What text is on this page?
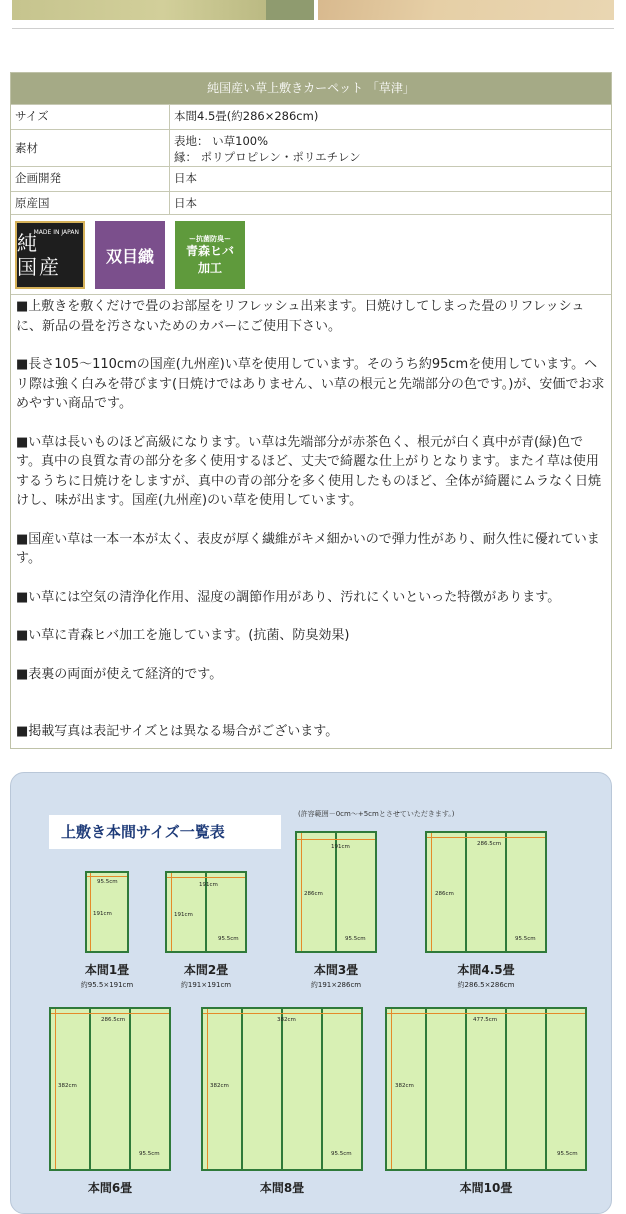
純国産い草上敷きカーペット 「草津」
サイズ	本間4.5畳(約286×286cm)
素材	表地： い草100%
縁： ポリプロピレン・ポリエチレン
企画開発	日本
原産国	日本
純 国産
MADE IN JAPAN
双目織
ー抗菌防臭ー
青森ヒバ
加工

■上敷きを敷くだけで畳のお部屋をリフレッシュ出来ます。日焼けしてしまった畳のリフレッシュに、新品の畳を汚さないためのカバーにご使用下さい。

■長さ105～110cmの国産(九州産)い草を使用しています。そのうち約95cmを使用しています。ヘリ際は強く白みを帯びます(日焼けではありません、い草の根元と先端部分の色です。)が、安価でお求めやすい商品です。

■い草は長いものほど高級になります。い草は先端部分が赤茶色く、根元が白く真中が青(緑)色です。真中の良質な青の部分を多く使用するほど、丈夫で綺麗な仕上がりとなります。またイ草は使用するうちに日焼けをしますが、真中の青の部分を多く使用したものほど、全体が綺麗にムラなく日焼けし、味が出ます。国産(九州産)のい草を使用しています。

■国産い草は一本一本が太く、表皮が厚く繊維がキメ細かいので弾力性があり、耐久性に優れています。

■い草には空気の清浄化作用、湿度の調節作用があり、汚れにくいといった特徴があります。

■い草に青森ヒバ加工を施しています。(抗菌、防臭効果)

■表裏の両面が使えて経済的です。

■掲載写真は表記サイズとは異なる場合がございます。

上敷き本間サイズ一覧表
(許容範囲－0cm～+5cmとさせていただきます。)
95.5cm
191cm
本間1畳
約95.5×191cm
191cm
191cm
95.5cm
本間2畳
約191×191cm
191cm
286cm
95.5cm
本間3畳
約191×286cm
286.5cm
286cm
95.5cm
本間4.5畳
約286.5×286cm
286.5cm
382cm
95.5cm
本間6畳
382cm
382cm
95.5cm
本間8畳
477.5cm
382cm
95.5cm
本間10畳
